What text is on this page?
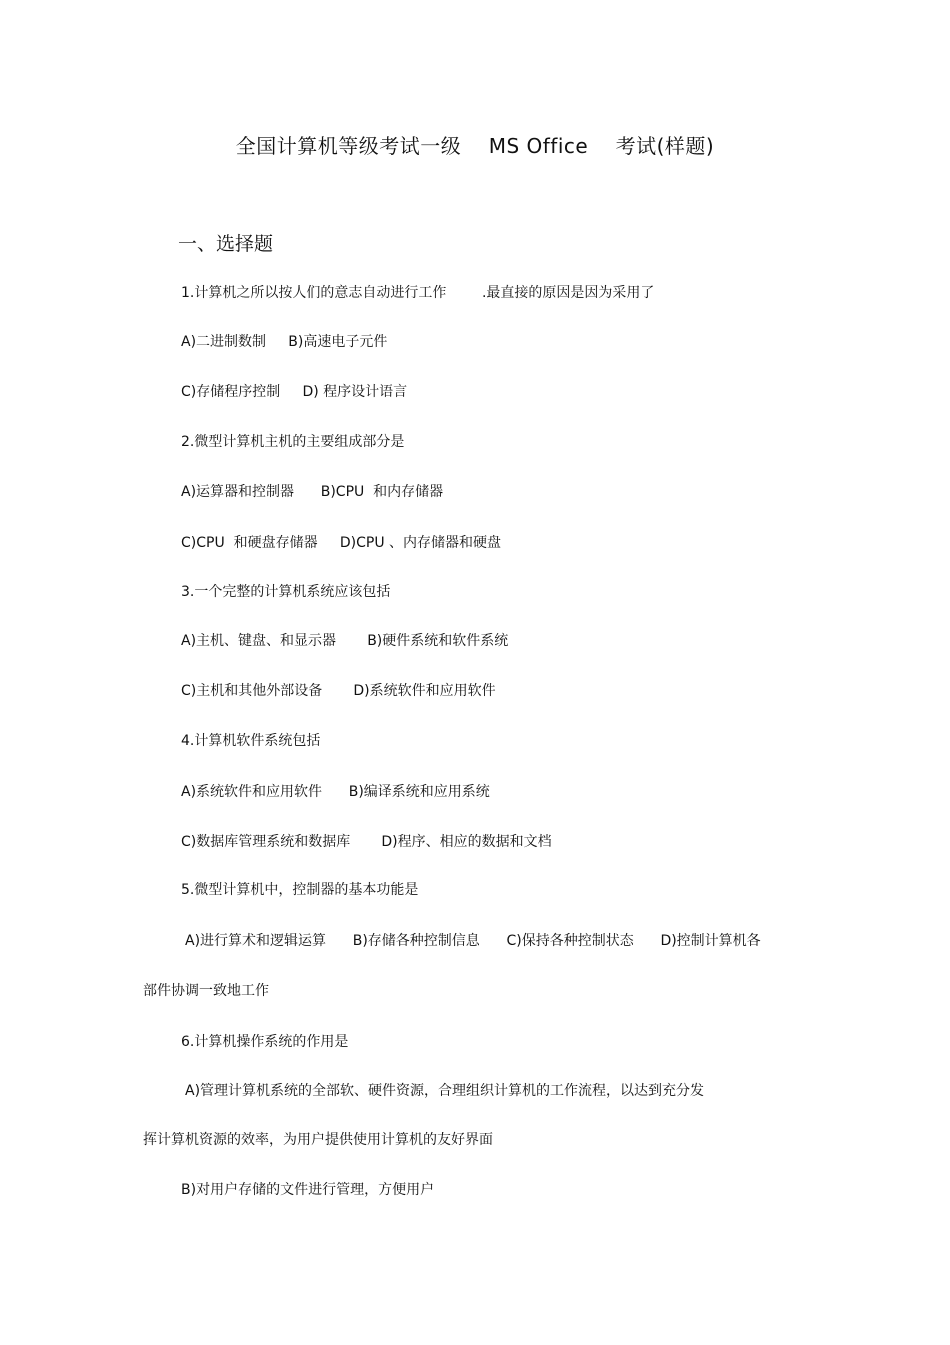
全国计算机等级考试一级    MS Office    考试(样题)
一、选择题
1.计算机之所以按人们的意志自动进行工作        .最直接的原因是因为采用了
A)二进制数制     B)高速电子元件
C)存储程序控制     D) 程序设计语言
2.微型计算机主机的主要组成部分是
A)运算器和控制器      B)CPU  和内存储器
C)CPU  和硬盘存储器     D)CPU 、内存储器和硬盘
3.一个完整的计算机系统应该包括
A)主机、键盘、和显示器       B)硬件系统和软件系统
C)主机和其他外部设备       D)系统软件和应用软件
4.计算机软件系统包括
A)系统软件和应用软件      B)编译系统和应用系统
C)数据库管理系统和数据库       D)程序、相应的数据和文档
5.微型计算机中，控制器的基本功能是
A)进行算术和逻辑运算      B)存储各种控制信息      C)保持各种控制状态      D)控制计算机各
部件协调一致地工作
6.计算机操作系统的作用是
A)管理计算机系统的全部软、硬件资源，合理组织计算机的工作流程，以达到充分发
挥计算机资源的效率，为用户提供使用计算机的友好界面
B)对用户存储的文件进行管理，方便用户
